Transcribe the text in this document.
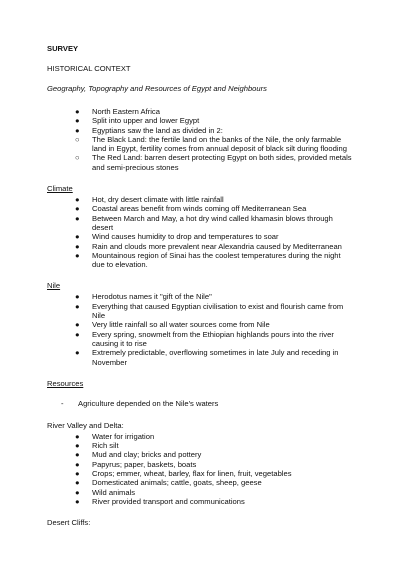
SURVEY
HISTORICAL CONTEXT
Geography, Topography and Resources of Egypt and Neighbours
●	North Eastern Africa
●	Split into upper and lower Egypt
●	Egyptians saw the land as divided in 2:
○	The Black Land: the fertile land on the banks of the Nile, the only farmable land in Egypt, fertility comes from annual deposit of black silt during flooding
○	The Red Land: barren desert protecting Egypt on both sides, provided metals and semi-precious stones
Climate
●	Hot, dry desert climate with little rainfall
●	Coastal areas benefit from winds coming off Mediterranean Sea
●	Between March and May, a hot dry wind called khamasin blows through desert
●	Wind causes humidity to drop and temperatures to soar
●	Rain and clouds more prevalent near Alexandria caused by Mediterranean
●	Mountainous region of Sinai has the coolest temperatures during the night due to elevation.
Nile
●	Herodotus names it "gift of the Nile"
●	Everything that caused Egyptian civilisation to exist and flourish came from Nile
●	Very little rainfall so all water sources come from Nile
●	Every spring, snowmelt from the Ethiopian highlands pours into the river causing it to rise
●	Extremely predictable, overflowing sometimes in late July and receding in November
Resources
- Agriculture depended on the Nile's waters
River Valley and Delta:
●	Water for irrigation
●	Rich silt
●	Mud and clay; bricks and pottery
●	Papyrus; paper, baskets, boats
●	Crops; emmer, wheat, barley, flax for linen, fruit, vegetables
●	Domesticated animals; cattle, goats, sheep, geese
●	Wild animals
●	River provided transport and communications
Desert Cliffs:
